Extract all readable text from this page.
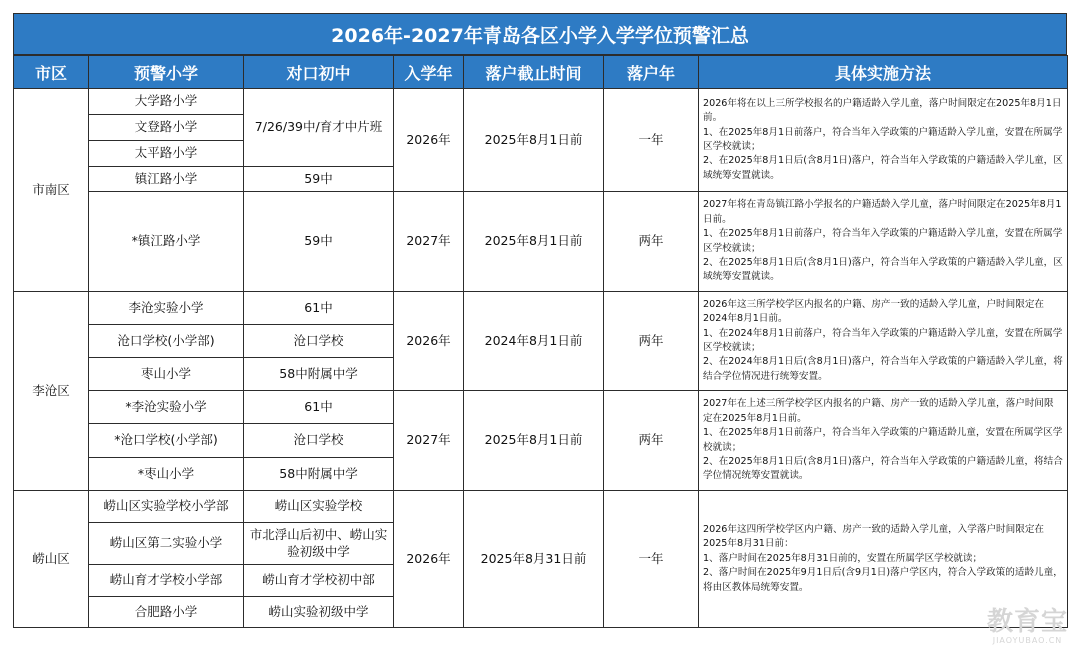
2026年-2027年青岛各区小学入学学位预警汇总
市区	预警小学	对口初中	入学年	落户截止时间	落户年	具体实施方法
市南区	大学路小学	7/26/39中/育才中片班	2026年	2025年8月1日前	一年	2026年将在以上三所学校报名的户籍适龄入学儿童，落户时间限定在2025年8月1日前。
1、在2025年8月1日前落户，符合当年入学政策的户籍适龄入学儿童，安置在所属学区学校就读；
2、在2025年8月1日后(含8月1日)落户，符合当年入学政策的户籍适龄入学儿童，区域统筹安置就读。

	文登路小学					
	太平路小学					
	镇江路小学	59中				
	*镇江路小学	59中	2027年	2025年8月1日前	两年	2027年将在青岛镇江路小学报名的户籍适龄入学儿童，落户时间限定在2025年8月1日前。
1、在2025年8月1日前落户，符合当年入学政策的户籍适龄入学儿童，安置在所属学区学校就读；
2、在2025年8月1日后(含8月1日)落户，符合当年入学政策的户籍适龄入学儿童，区域统筹安置就读。

李沧区	李沧实验小学	61中	2026年	2024年8月1日前	两年	2026年这三所学校学区内报名的户籍、房产一致的适龄入学儿童，户时间限定在2024年8月1日前。
1、在2024年8月1日前落户，符合当年入学政策的户籍适龄入学儿童，安置在所属学区学校就读；
2、在2024年8月1日后(含8月1日)落户，符合当年入学政策的户籍适龄入学儿童，将结合学位情况进行统筹安置。

	沧口学校(小学部)	沧口学校				
	枣山小学	58中附属中学				
	*李沧实验小学	61中	2027年	2025年8月1日前	两年	2027年在上述三所学校学区内报名的户籍、房产一致的适龄入学儿童，落户时间限定在2025年8月1日前。
1、在2025年8月1日前落户，符合当年入学政策的户籍适龄儿童，安置在所属学区学校就读；
2、在2025年8月1日后(含8月1日)落户，符合当年入学政策的户籍适龄儿童，将结合学位情况统筹安置就读。

	*沧口学校(小学部)	沧口学校				
	*枣山小学	58中附属中学				
崂山区	崂山区实验学校小学部	崂山区实验学校	2026年	2025年8月31日前	一年	2026年这四所学校学区内户籍、房产一致的适龄入学儿童，入学落户时间限定在2025年8月31日前：
1、落户时间在2025年8月31日前的，安置在所属学区学校就读；
2、落户时间在2025年9月1日后(含9月1日)落户学区内，符合入学政策的适龄儿童，将由区教体局统筹安置。

	崂山区第二实验小学	市北浮山后初中、崂山实验初级中学				
	崂山育才学校小学部	崂山育才学校初中部				
	合肥路小学	崂山实验初级中学					教育宝
JIAOYUBAO.CN
